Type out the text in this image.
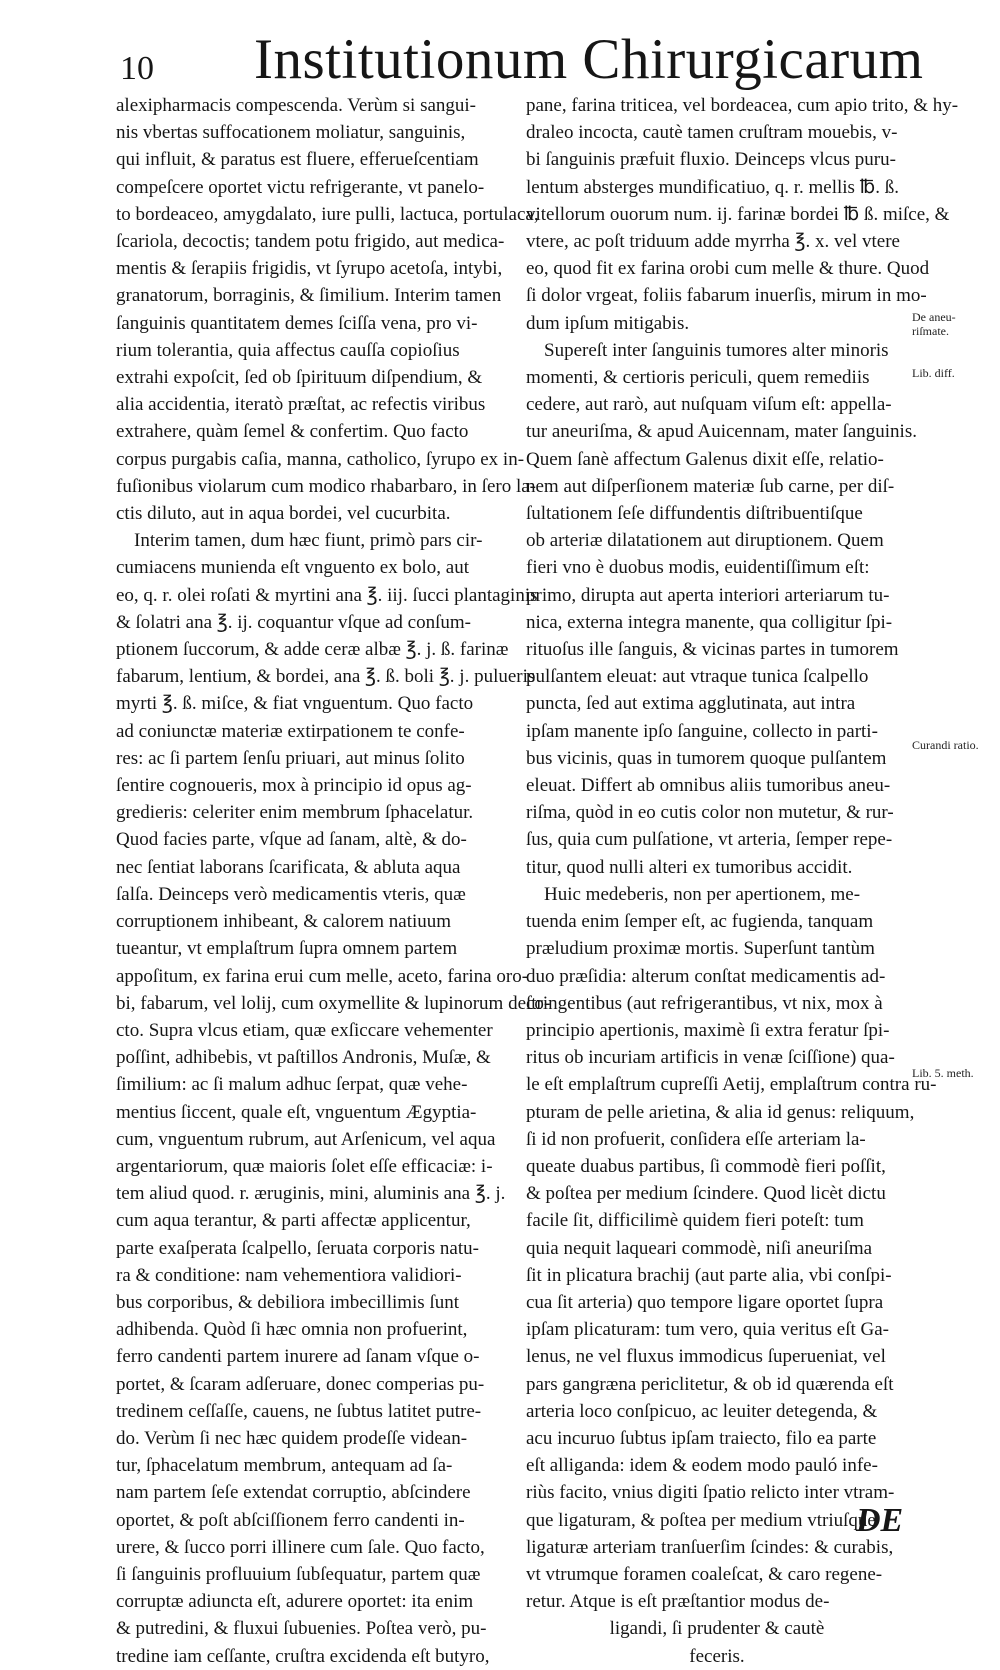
10 Institutionum Chirurgicarum
alexipharmacis compescenda. Verùm si sangui-
nis vbertas suffocationem moliatur, sanguinis,
qui influit, & paratus est fluere, efferueſcentiam
compeſcere oportet victu refrigerante, vt panelo-
to bordeaceo, amygdalato, iure pulli, lactuca, portulaca,
ſcariola, decoctis; tandem potu frigido, aut medica-
mentis & ſerapiis frigidis, vt ſyrupo acetoſa, intybi,
granatorum, borraginis, & ſimilium. Interim tamen
ſanguinis quantitatem demes ſciſſa vena, pro vi-
rium tolerantia, quia affectus cauſſa copioſius
extrahi expoſcit, ſed ob ſpirituum diſpendium, &
alia accidentia, iteratò præſtat, ac refectis viribus
extrahere, quàm ſemel & confertim. Quo facto
corpus purgabis caſia, manna, catholico, ſyrupo ex in-
fuſionibus violarum cum modico rhabarbaro, in ſero la-
ctis diluto, aut in aqua bordei, vel cucurbita.
Interim tamen, dum hæc fiunt, primò pars cir-
cumiacens munienda eſt vnguento ex bolo, aut
eo, q. r. olei roſati & myrtini ana ℥. iij. ſucci plantaginis
& ſolatri ana ℥. ij. coquantur vſque ad conſum-
ptionem ſuccorum, & adde ceræ albæ ℥. j. ß. farinæ
fabarum, lentium, & bordei, ana ℥. ß. boli ℥. j. pulueris
myrti ℥. ß. miſce, & fiat vnguentum. Quo facto
ad coniunctæ materiæ extirpationem te confe-
res: ac ſi partem ſenſu priuari, aut minus ſolito
ſentire cognoueris, mox à principio id opus ag-
gredieris: celeriter enim membrum ſphacelatur.
Quod facies parte, vſque ad ſanam, altè, & do-
nec ſentiat laborans ſcarificata, & abluta aqua
ſalſa. Deinceps verò medicamentis vteris, quæ
corruptionem inhibeant, & calorem natiuum
tueantur, vt emplaſtrum ſupra omnem partem
appoſitum, ex farina erui cum melle, aceto, farina oro-
bi, fabarum, vel lolij, cum oxymellite & lupinorum deco-
cto. Supra vlcus etiam, quæ exſiccare vehementer
poſſint, adhibebis, vt paſtillos Andronis, Muſæ, &
ſimilium: ac ſi malum adhuc ſerpat, quæ vehe-
mentius ſiccent, quale eſt, vnguentum Ægyptia-
cum, vnguentum rubrum, aut Arſenicum, vel aqua
argentariorum, quæ maioris ſolet eſſe efficaciæ: i-
tem aliud quod. r. æruginis, mini, aluminis ana ℥. j.
cum aqua terantur, & parti affectæ applicentur,
parte exaſperata ſcalpello, ſeruata corporis natu-
ra & conditione: nam vehementiora validiori-
bus corporibus, & debiliora imbecillimis ſunt
adhibenda. Quòd ſi hæc omnia non profuerint,
ferro candenti partem inurere ad ſanam vſque o-
portet, & ſcaram adſeruare, donec comperias pu-
tredinem ceſſaſſe, cauens, ne ſubtus latitet putre-
do. Verùm ſi nec hæc quidem prodeſſe videan-
tur, ſphacelatum membrum, antequam ad ſa-
nam partem ſeſe extendat corruptio, abſcindere
oportet, & poſt abſciſſionem ferro candenti in-
urere, & ſucco porri illinere cum ſale. Quo facto,
ſi ſanguinis profluuium ſubſequatur, partem quæ
corruptæ adiuncta eſt, adurere oportet: ita enim
& putredini, & fluxui ſubuenies. Poſtea verò, pu-
tredine iam ceſſante, cruſtra excidenda eſt butyro,
pane, farina triticea, vel bordeacea, cum apio trito, & hy-
draleo incocta, cautè tamen cruſtram mouebis, v-
bi ſanguinis præfuit fluxio. Deinceps vlcus puru-
lentum absterges mundificatiuo, q. r. mellis ℔. ß.
vitellorum ouorum num. ij. farinæ bordei ℔ ß. miſce, &
vtere, ac poſt triduum adde myrrha ℥. x. vel vtere
eo, quod fit ex farina orobi cum melle & thure. Quod
ſi dolor vrgeat, foliis fabarum inuerſis, mirum in mo-
dum ipſum mitigabis.
Supereſt inter ſanguinis tumores alter minoris
momenti, & certioris periculi, quem remediis
cedere, aut rarò, aut nuſquam viſum eſt: appella-
tur aneuriſma, & apud Auicennam, mater ſanguinis.
Quem ſanè affectum Galenus dixit eſſe, relatio-
nem aut diſperſionem materiæ ſub carne, per diſ-
ſultationem ſeſe diffundentis diſtribuentiſque
ob arteriæ dilatationem aut diruptionem. Quem
fieri vno è duobus modis, euidentiſſimum eſt:
primo, dirupta aut aperta interiori arteriarum tu-
nica, externa integra manente, qua colligitur ſpi-
rituoſus ille ſanguis, & vicinas partes in tumorem
pulſantem eleuat: aut vtraque tunica ſcalpello
puncta, ſed aut extima agglutinata, aut intra
ipſam manente ipſo ſanguine, collecto in parti-
bus vicinis, quas in tumorem quoque pulſantem
eleuat. Differt ab omnibus aliis tumoribus aneu-
riſma, quòd in eo cutis color non mutetur, & rur-
ſus, quia cum pulſatione, vt arteria, ſemper repe-
titur, quod nulli alteri ex tumoribus accidit.
Huic medeberis, non per apertionem, me-
tuenda enim ſemper eſt, ac fugienda, tanquam
præludium proximæ mortis. Superſunt tantùm
duo præſidia: alterum conſtat medicamentis ad-
ſtringentibus (aut refrigerantibus, vt nix, mox à
principio apertionis, maximè ſi extra feratur ſpi-
ritus ob incuriam artificis in venæ ſciſſione) qua-
le eſt emplaſtrum cupreſſi Aetij, emplaſtrum contra ru-
pturam de pelle arietina, & alia id genus: reliquum,
ſi id non profuerit, conſidera eſſe arteriam la-
queate duabus partibus, ſi commodè fieri poſſit,
& poſtea per medium ſcindere. Quod licèt dictu
facile ſit, difficilimè quidem fieri poteſt: tum
quia nequit laqueari commodè, niſi aneuriſma
ſit in plicatura brachij (aut parte alia, vbi conſpi-
cua ſit arteria) quo tempore ligare oportet ſupra
ipſam plicaturam: tum vero, quia veritus eſt Ga-
lenus, ne vel fluxus immodicus ſuperueniat, vel
pars gangræna periclitetur, & ob id quærenda eſt
arteria loco conſpicuo, ac leuiter detegenda, &
acu incuruo ſubtus ipſam traiecto, filo ea parte
eſt alliganda: idem & eodem modo pauló infe-
riùs facito, vnius digiti ſpatio relicto inter vtram-
que ligaturam, & poſtea per medium vtriuſque
ligaturæ arteriam tranſuerſim ſcindes: & curabis,
vt vtrumque foramen coaleſcat, & caro regene-
retur. Atque is eſt præſtantior modus de-
ligandi, ſi prudenter & cautè
feceris.
De aneu-riſmate.
Lib. diff.
Curandi ratio.
Lib. 5. meth.
DE
